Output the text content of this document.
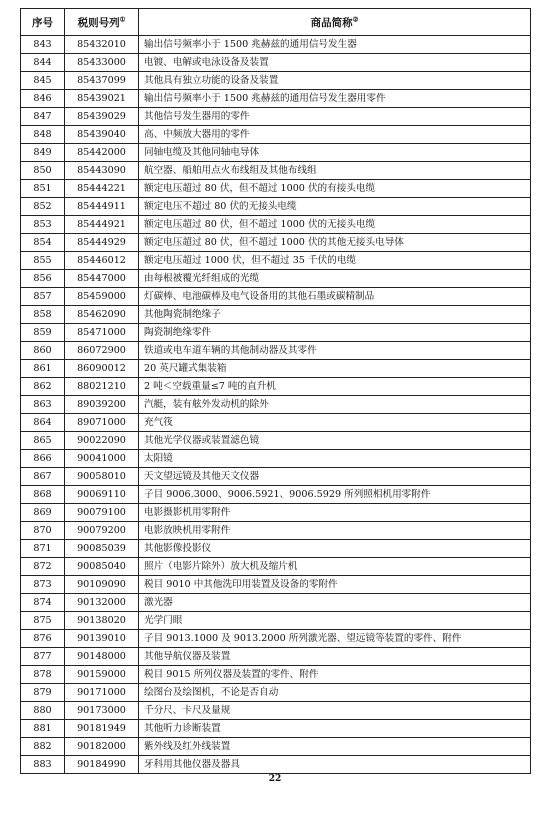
序号	税则号列①	商品简称②
843	85432010	输出信号频率小于 1500 兆赫兹的通用信号发生器
844	85433000	电镀、电解或电泳设备及装置
845	85437099	其他具有独立功能的设备及装置
846	85439021	输出信号频率小于 1500 兆赫兹的通用信号发生器用零件
847	85439029	其他信号发生器用的零件
848	85439040	高、中频放大器用的零件
849	85442000	同轴电缆及其他同轴电导体
850	85443090	航空器、船舶用点火布线组及其他布线组
851	85444221	额定电压超过 80 伏，但不超过 1000 伏的有接头电缆
852	85444911	额定电压不超过 80 伏的无接头电缆
853	85444921	额定电压超过 80 伏，但不超过 1000 伏的无接头电缆
854	85444929	额定电压超过 80 伏，但不超过 1000 伏的其他无接头电导体
855	85446012	额定电压超过 1000 伏，但不超过 35 千伏的电缆
856	85447000	由每根被覆光纤组成的光缆
857	85459000	灯碳棒、电池碳棒及电气设备用的其他石墨或碳精制品
858	85462090	其他陶瓷制绝缘子
859	85471000	陶瓷制绝缘零件
860	86072900	铁道或电车道车辆的其他制动器及其零件
861	86090012	20 英尺罐式集装箱
862	88021210	2 吨＜空载重量≤7 吨的直升机
863	89039200	汽艇，装有舷外发动机的除外
864	89071000	充气筏
865	90022090	其他光学仪器或装置滤色镜
866	90041000	太阳镜
867	90058010	天文望远镜及其他天文仪器
868	90069110	子目 9006.3000、9006.5921、9006.5929 所列照相机用零附件
869	90079100	电影摄影机用零附件
870	90079200	电影放映机用零附件
871	90085039	其他影像投影仪
872	90085040	照片（电影片除外）放大机及缩片机
873	90109090	税目 9010 中其他洗印用装置及设备的零附件
874	90132000	激光器
875	90138020	光学门眼
876	90139010	子目 9013.1000 及 9013.2000 所列激光器、望远镜等装置的零件、附件
877	90148000	其他导航仪器及装置
878	90159000	税目 9015 所列仪器及装置的零件、附件
879	90171000	绘图台及绘图机，不论是否自动
880	90173000	千分尺、卡尺及量规
881	90181949	其他听力诊断装置
882	90182000	紫外线及红外线装置
883	90184990	牙科用其他仪器及器具
22
